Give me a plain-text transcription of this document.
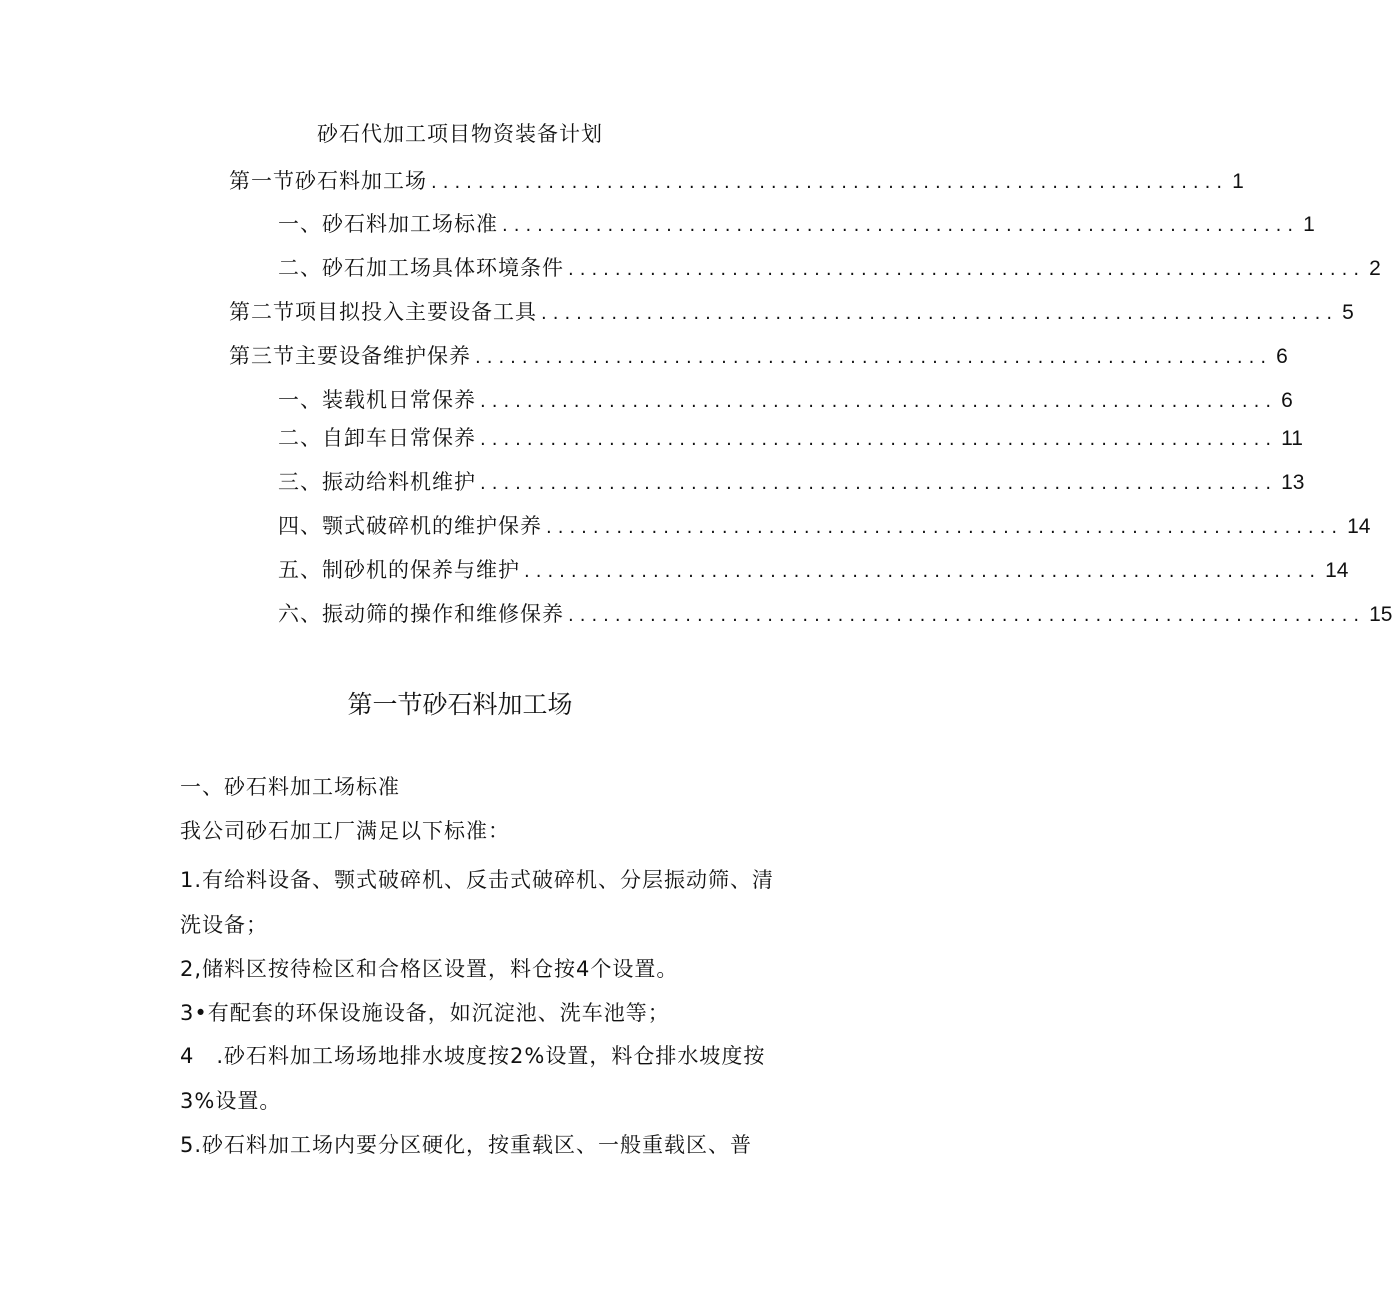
砂石代加工项目物资装备计划
第一节砂石料加工场 .................................................................... 1
一、砂石料加工场标准 .................................................................... 1
二、砂石加工场具体环境条件 .................................................................... 2
第二节项目拟投入主要设备工具 .................................................................... 5
第三节主要设备维护保养 .................................................................... 6
一、装载机日常保养 .................................................................... 6
二、自卸车日常保养 .................................................................... 11
三、振动给料机维护 .................................................................... 13
四、颚式破碎机的维护保养 .................................................................... 14
五、制砂机的保养与维护 .................................................................... 14
六、振动筛的操作和维修保养 .................................................................... 15
第一节砂石料加工场
一、砂石料加工场标准
我公司砂石加工厂满足以下标准：
1.有给料设备、颚式破碎机、反击式破碎机、分层振动筛、清
洗设备；
2,储料区按待检区和合格区设置，料仓按4个设置。
3•有配套的环保设施设备，如沉淀池、洗车池等；
4　.砂石料加工场场地排水坡度按2%设置，料仓排水坡度按
3%设置。
5.砂石料加工场内要分区硬化，按重载区、一般重载区、普
